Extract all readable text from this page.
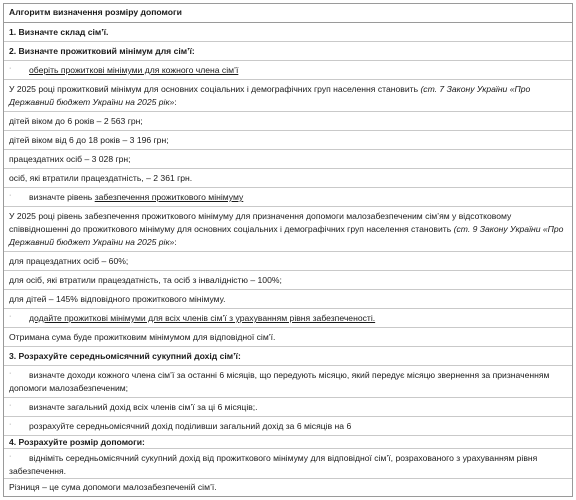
Алгоритм визначення розміру допомоги
1. Визначте склад сім’ї.
2. Визначте прожитковий мінімум для сім’ї:
· оберіть прожиткові мінімуми для кожного члена сім’ї
У 2025 році прожитковий мінімум для основних соціальних і демографічних груп населення становить (ст. 7 Закону України «Про
Державний бюджет України на 2025 рік»:
дітей віком до 6 років – 2 563 грн;
дітей віком від 6 до 18 років – 3 196 грн;
працездатних осіб – 3 028 грн;
осіб, які втратили працездатність, – 2 361 грн.
· визначте рівень забезпечення прожиткового мінімуму
У 2025 році рівень забезпечення прожиткового мінімуму для призначення допомоги малозабезпеченим сім’ям у відсотковому
співвідношенні до прожиткового мінімуму для основних соціальних і демографічних груп населення становить (ст. 9 Закону України «Про
Державний бюджет України на 2025 рік»:
для працездатних осіб – 60%;
для осіб, які втратили працездатність, та осіб з інвалідністю – 100%;
для дітей – 145% відповідного прожиткового мінімуму.
· додайте прожиткові мінімуми для всіх членів сім’ї з урахуванням рівня забезпеченості.
Отримана сума буде прожитковим мінімумом для відповідної сім’ї.
3. Розрахуйте середньомісячний сукупний дохід сім’ї:
· визначте доходи кожного члена сім’ї за останні 6 місяців, що передують місяцю, який передує місяцю звернення за призначенням
допомоги малозабезпеченим;
· визначте загальний дохід всіх членів сім’ї за ці 6 місяців;.
· розрахуйте середньомісячний дохід поділивши загальний дохід за 6 місяців на 6
4. Розрахуйте розмір допомоги:
· відніміть середньомісячний сукупний дохід від прожиткового мінімуму для відповідної сім’ї, розрахованого з урахуванням рівня
забезпечення.
Різниця – це сума допомоги малозабезпеченій сім’ї.
